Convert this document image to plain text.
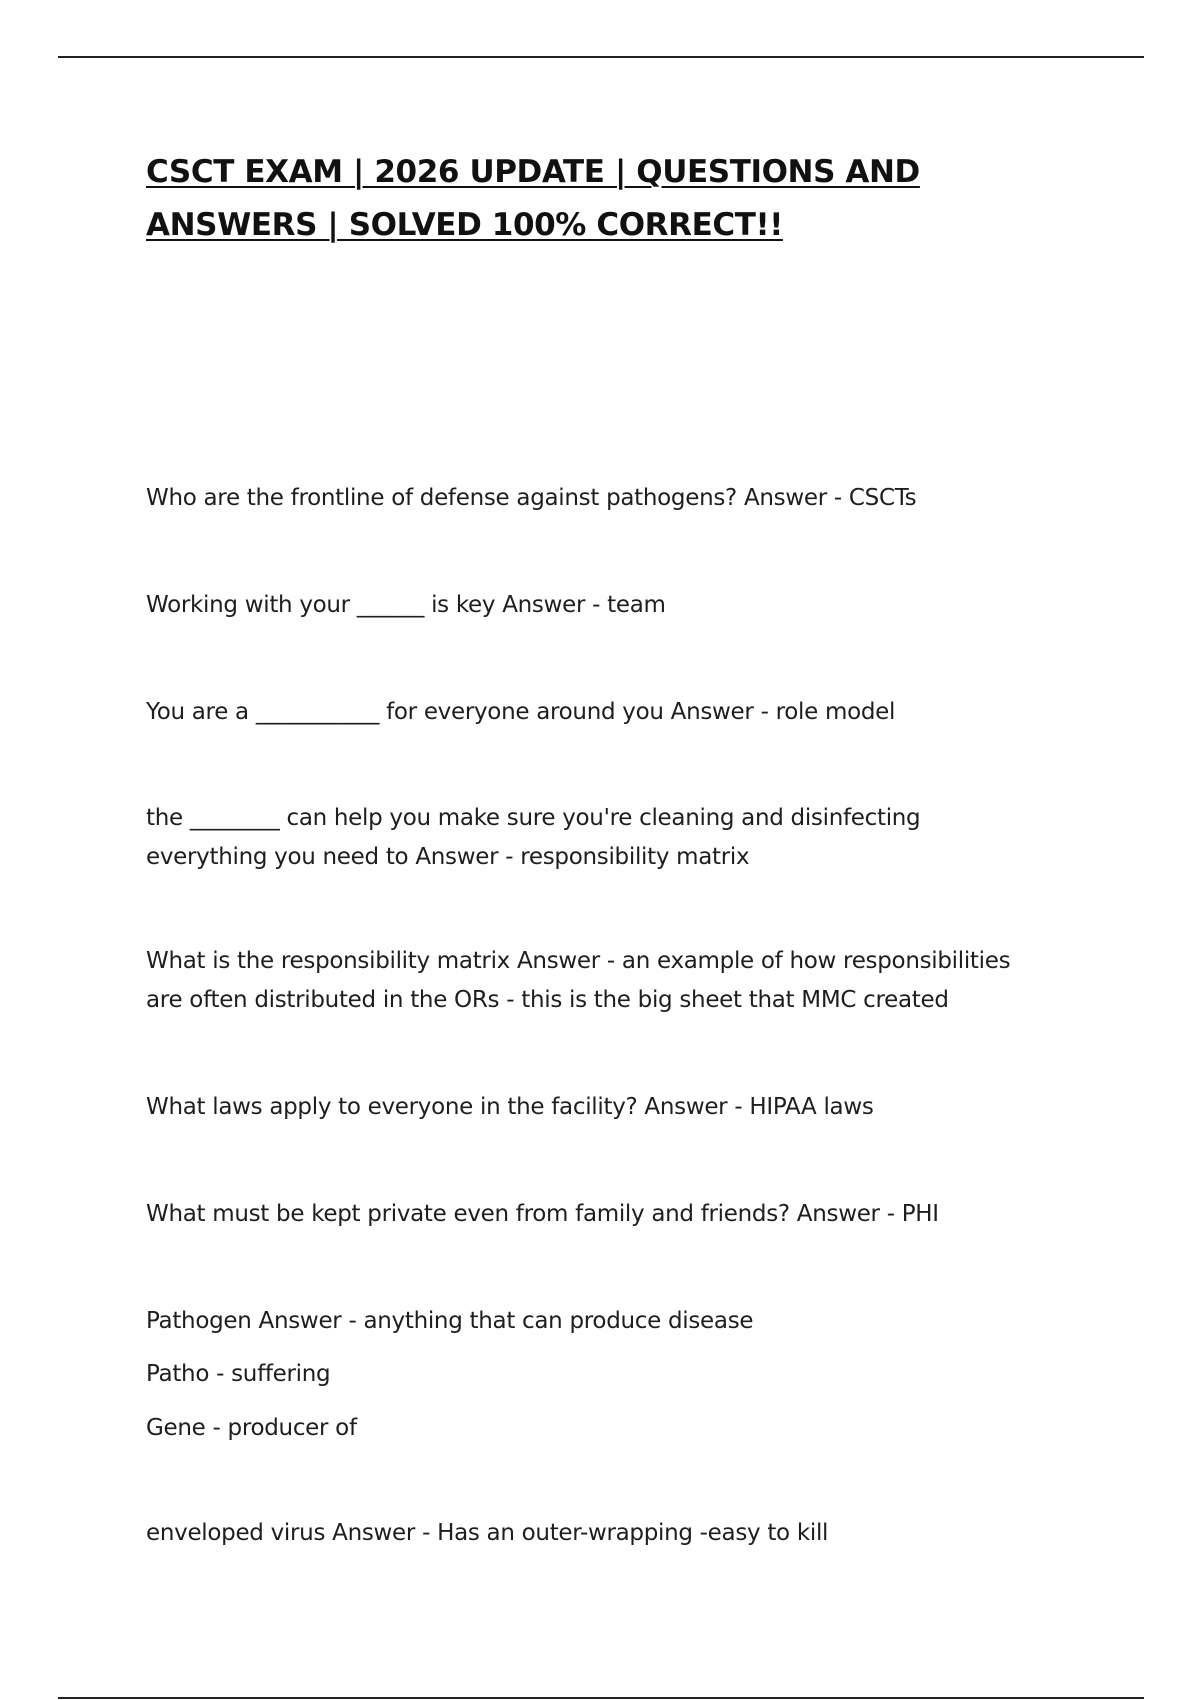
CSCT EXAM | 2026 UPDATE | QUESTIONS AND
ANSWERS | SOLVED 100% CORRECT!!

Who are the frontline of defense against pathogens? Answer - CSCTs

Working with your ______ is key Answer - team

You are a ___________ for everyone around you Answer - role model

the ________ can help you make sure you're cleaning and disinfecting
everything you need to Answer - responsibility matrix

What is the responsibility matrix Answer - an example of how responsibilities
are often distributed in the ORs - this is the big sheet that MMC created

What laws apply to everyone in the facility? Answer - HIPAA laws

What must be kept private even from family and friends? Answer - PHI

Pathogen Answer - anything that can produce disease

Patho - suffering

Gene - producer of

enveloped virus Answer - Has an outer-wrapping -easy to kill
